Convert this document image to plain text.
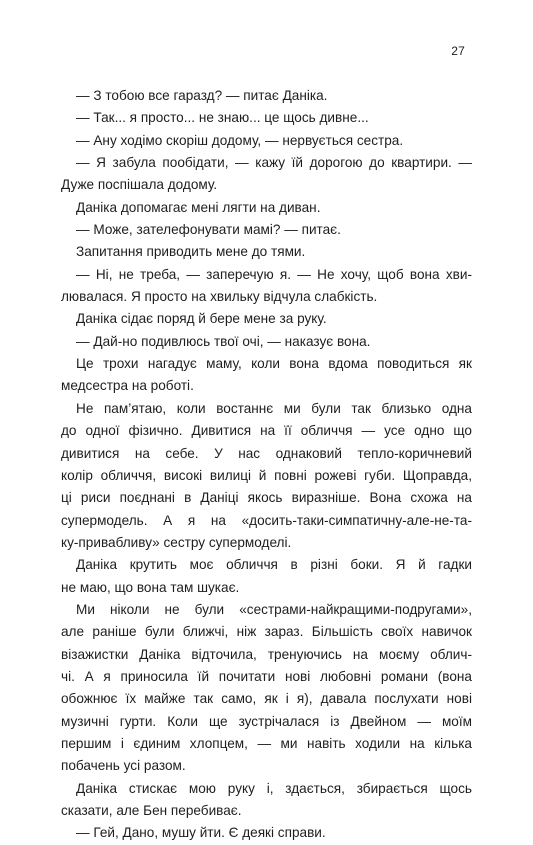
27
— З тобою все гаразд? — питає Даніка.
— Так... я просто... не знаю... це щось дивне...
— Ану ходімо скоріш додому, — нервується сестра.
— Я забула пообідати, — кажу їй дорогою до квартири. —
Дуже поспішала додому.
Даніка допомагає мені лягти на диван.
— Може, зателефонувати мамі? — питає.
Запитання приводить мене до тями.
— Ні, не треба, — заперечую я. — Не хочу, щоб вона хви-
лювалася. Я просто на хвильку відчула слабкість.
Даніка сідає поряд й бере мене за руку.
— Дай-но подивлюсь твої очі, — наказує вона.
Це трохи нагадує маму, коли вона вдома поводиться як
медсестра на роботі.
Не пам’ятаю, коли востаннє ми були так близько одна
до одної фізично. Дивитися на її обличчя — усе одно що
дивитися на себе. У нас однаковий тепло-коричневий
колір обличчя, високі вилиці й повні рожеві губи. Щоправда,
ці риси поєднані в Даніці якось виразніше. Вона схожа на
супермодель. А я на «досить-таки-симпатичну-але-не-та-
ку-привабливу» сестру супермоделі.
Даніка крутить моє обличчя в різні боки. Я й гадки
не маю, що вона там шукає.
Ми ніколи не були «сестрами-найкращими-подругами»,
але раніше були ближчі, ніж зараз. Більшість своїх навичок
візажистки Даніка відточила, тренуючись на моєму облич-
чі. А я приносила їй почитати нові любовні романи (вона
обожнює їх майже так само, як і я), давала послухати нові
музичні гурти. Коли ще зустрічалася із Двейном — моїм
першим і єдиним хлопцем, — ми навіть ходили на кілька
побачень усі разом.
Даніка стискає мою руку і, здається, збирається щось
сказати, але Бен перебиває.
— Гей, Дано, мушу йти. Є деякі справи.
